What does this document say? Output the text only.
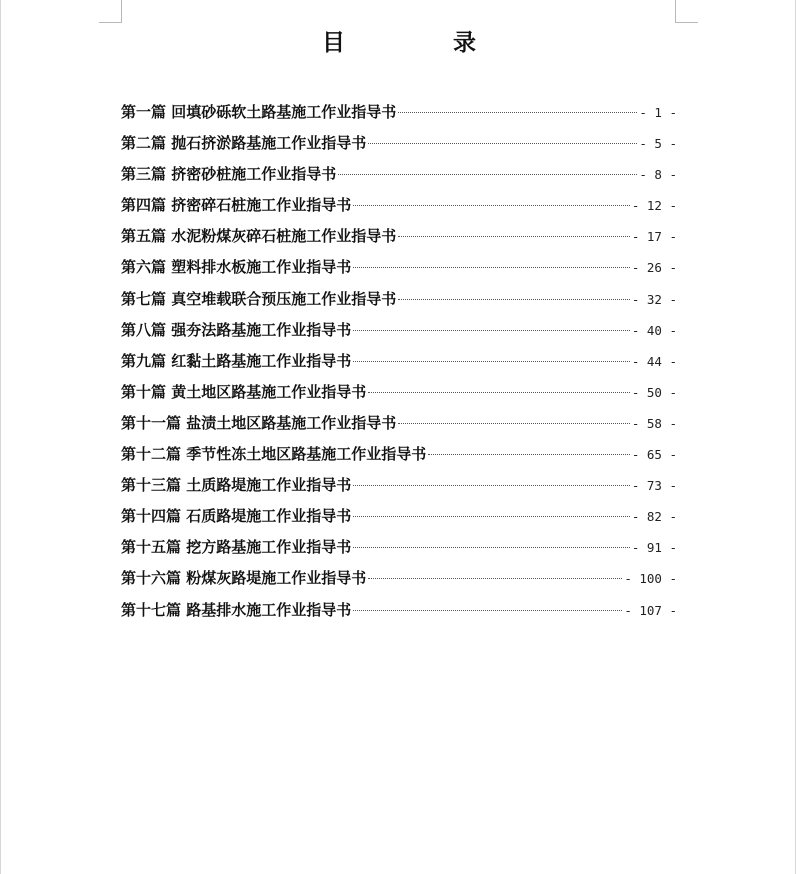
目 录
第一篇 回填砂砾软土路基施工作业指导书	- 1 -
第二篇 抛石挤淤路基施工作业指导书	- 5 -
第三篇 挤密砂桩施工作业指导书	- 8 -
第四篇 挤密碎石桩施工作业指导书	- 12 -
第五篇 水泥粉煤灰碎石桩施工作业指导书	- 17 -
第六篇 塑料排水板施工作业指导书	- 26 -
第七篇 真空堆载联合预压施工作业指导书	- 32 -
第八篇 强夯法路基施工作业指导书	- 40 -
第九篇 红黏土路基施工作业指导书	- 44 -
第十篇 黄土地区路基施工作业指导书	- 50 -
第十一篇 盐渍土地区路基施工作业指导书	- 58 -
第十二篇 季节性冻土地区路基施工作业指导书	- 65 -
第十三篇 土质路堤施工作业指导书	- 73 -
第十四篇 石质路堤施工作业指导书	- 82 -
第十五篇 挖方路基施工作业指导书	- 91 -
第十六篇 粉煤灰路堤施工作业指导书	- 100 -
第十七篇 路基排水施工作业指导书	- 107 -
